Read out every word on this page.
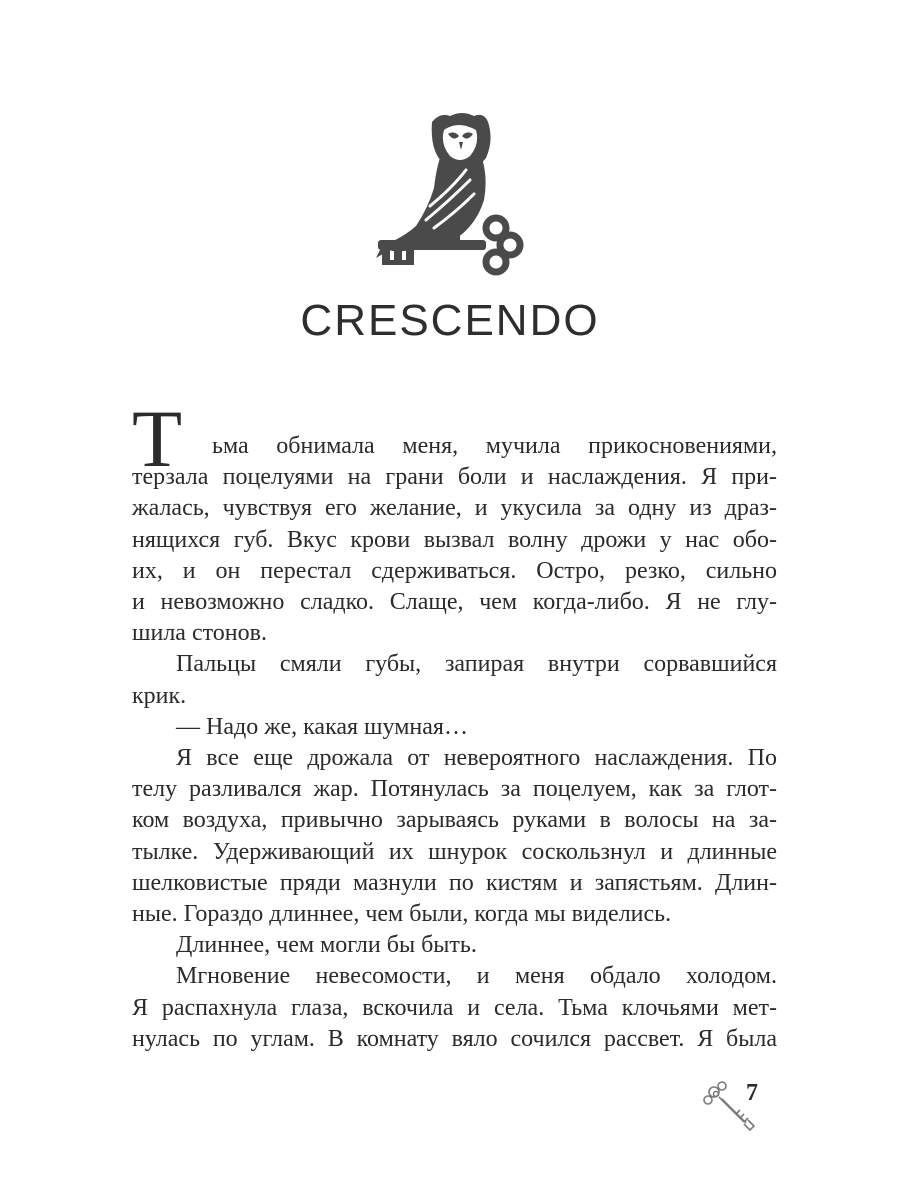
CRESCENDO
Т	ьма обнимала меня, мучила прикосновениями,
терзала поцелуями на грани боли и наслаждения. Я при-
жалась, чувствуя его желание, и укусила за одну из драз-
нящихся губ. Вкус крови вызвал волну дрожи у нас обо-
их, и он перестал сдерживаться. Остро, резко, сильно
и невозможно сладко. Слаще, чем когда-либо. Я не глу-
шила стонов.
Пальцы смяли губы, запирая внутри сорвавшийся
крик.
— Надо же, какая шумная…
Я все еще дрожала от невероятного наслаждения. По
телу разливался жар. Потянулась за поцелуем, как за глот-
ком воздуха, привычно зарываясь руками в волосы на за-
тылке. Удерживающий их шнурок соскользнул и длинные
шелковистые пряди мазнули по кистям и запястьям. Длин-
ные. Гораздо длиннее, чем были, когда мы виделись.
Длиннее, чем могли бы быть.
Мгновение невесомости, и меня обдало холодом.
Я распахнула глаза, вскочила и села. Тьма клочьями мет-
нулась по углам. В комнату вяло сочился рассвет. Я была
7
